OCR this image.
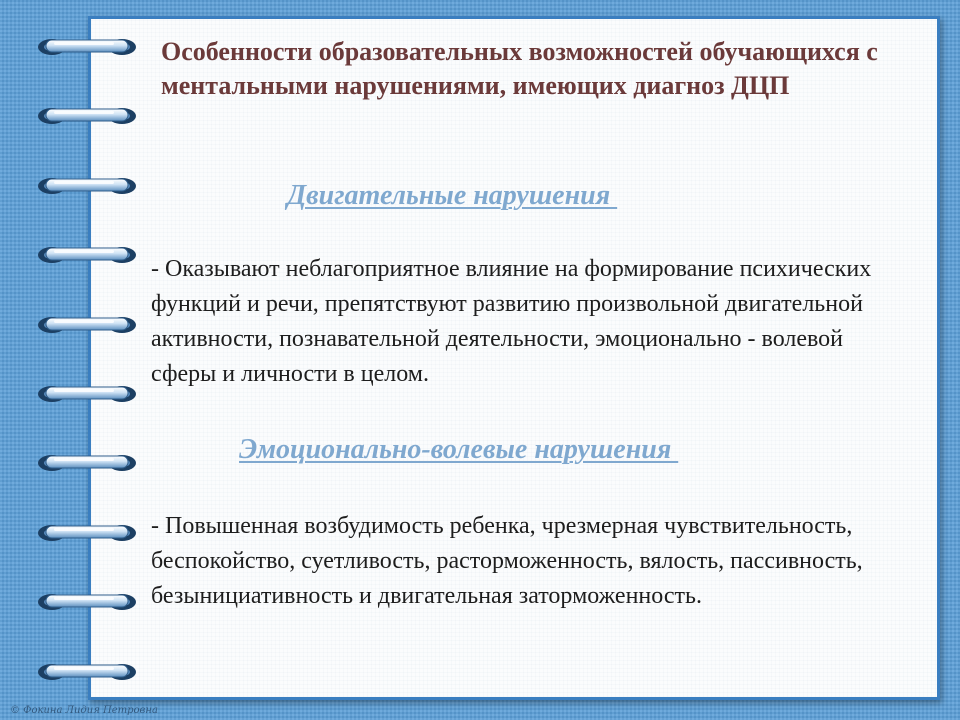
Особенности образовательных возможностей обучающихся с ментальными нарушениями, имеющих диагноз ДЦП
Двигательные нарушения

- Оказывают неблагоприятное влияние на формирование психических функций и речи, препятствуют развитию произвольной двигательной активности, познавательной деятельности, эмоционально - волевой сферы и личности в целом.

Эмоционально-волевые нарушения

- Повышенная возбудимость ребенка, чрезмерная чувствительность, беспокойство, суетливость, расторможенность, вялость, пассивность, безынициативность и двигательная заторможенность.

© Фокина Лидия Петровна
